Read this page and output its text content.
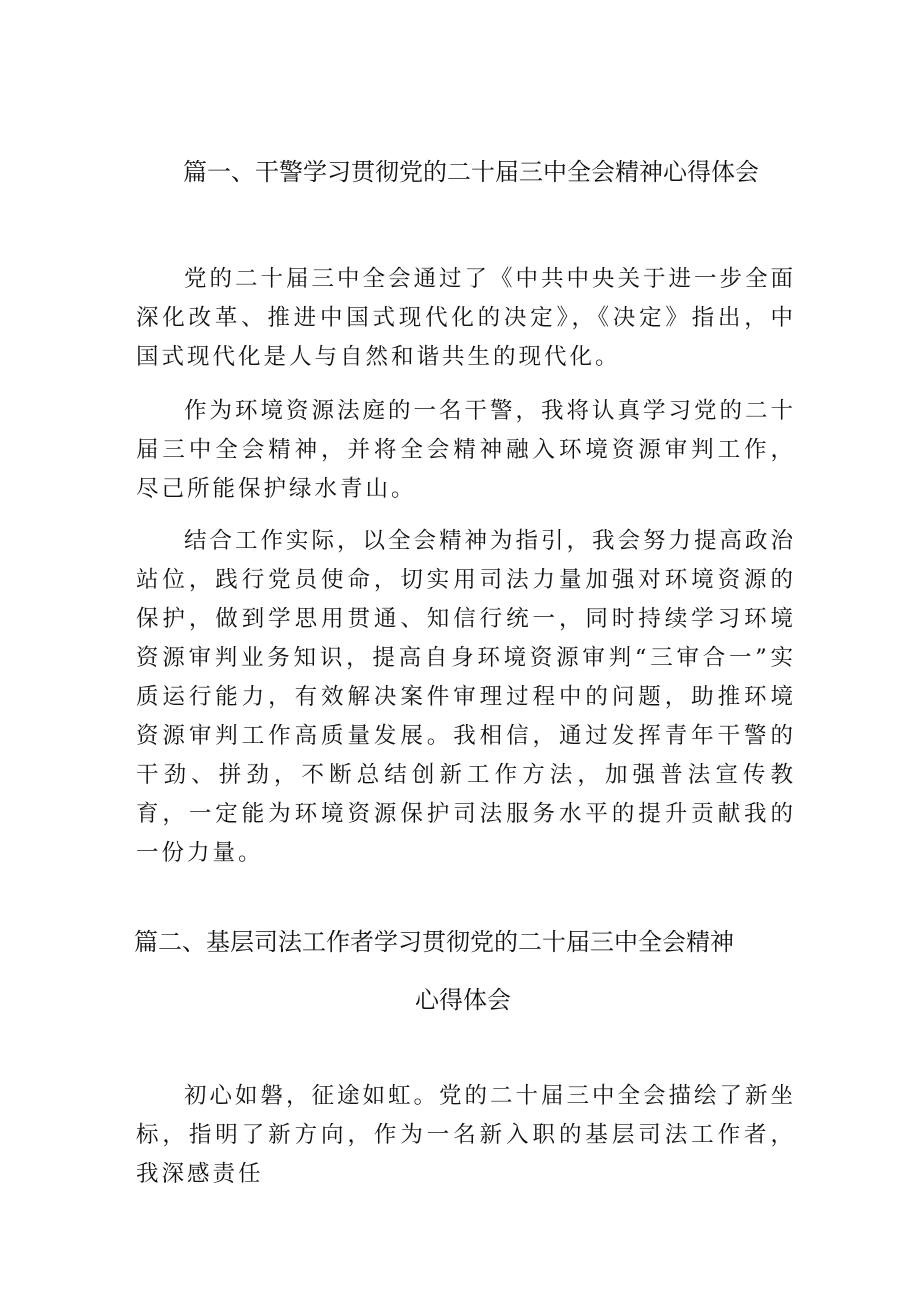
篇一、干警学习贯彻党的二十届三中全会精神心得体会

党的二十届三中全会通过了《中共中央关于进一步全面深化改革、推进中国式现代化的决定》，《决定》指出，中国式现代化是人与自然和谐共生的现代化。

作为环境资源法庭的一名干警，我将认真学习党的二十届三中全会精神，并将全会精神融入环境资源审判工作，尽己所能保护绿水青山。

结合工作实际，以全会精神为指引，我会努力提高政治站位，践行党员使命，切实用司法力量加强对环境资源的保护，做到学思用贯通、知信行统一，同时持续学习环境资源审判业务知识，提高自身环境资源审判“三审合一”实质运行能力，有效解决案件审理过程中的问题，助推环境资源审判工作高质量发展。我相信，通过发挥青年干警的干劲、拼劲，不断总结创新工作方法，加强普法宣传教育，一定能为环境资源保护司法服务水平的提升贡献我的一份力量。

篇二、基层司法工作者学习贯彻党的二十届三中全会精神
心得体会

初心如磐，征途如虹。党的二十届三中全会描绘了新坐标，指明了新方向，作为一名新入职的基层司法工作者，我深感责任
